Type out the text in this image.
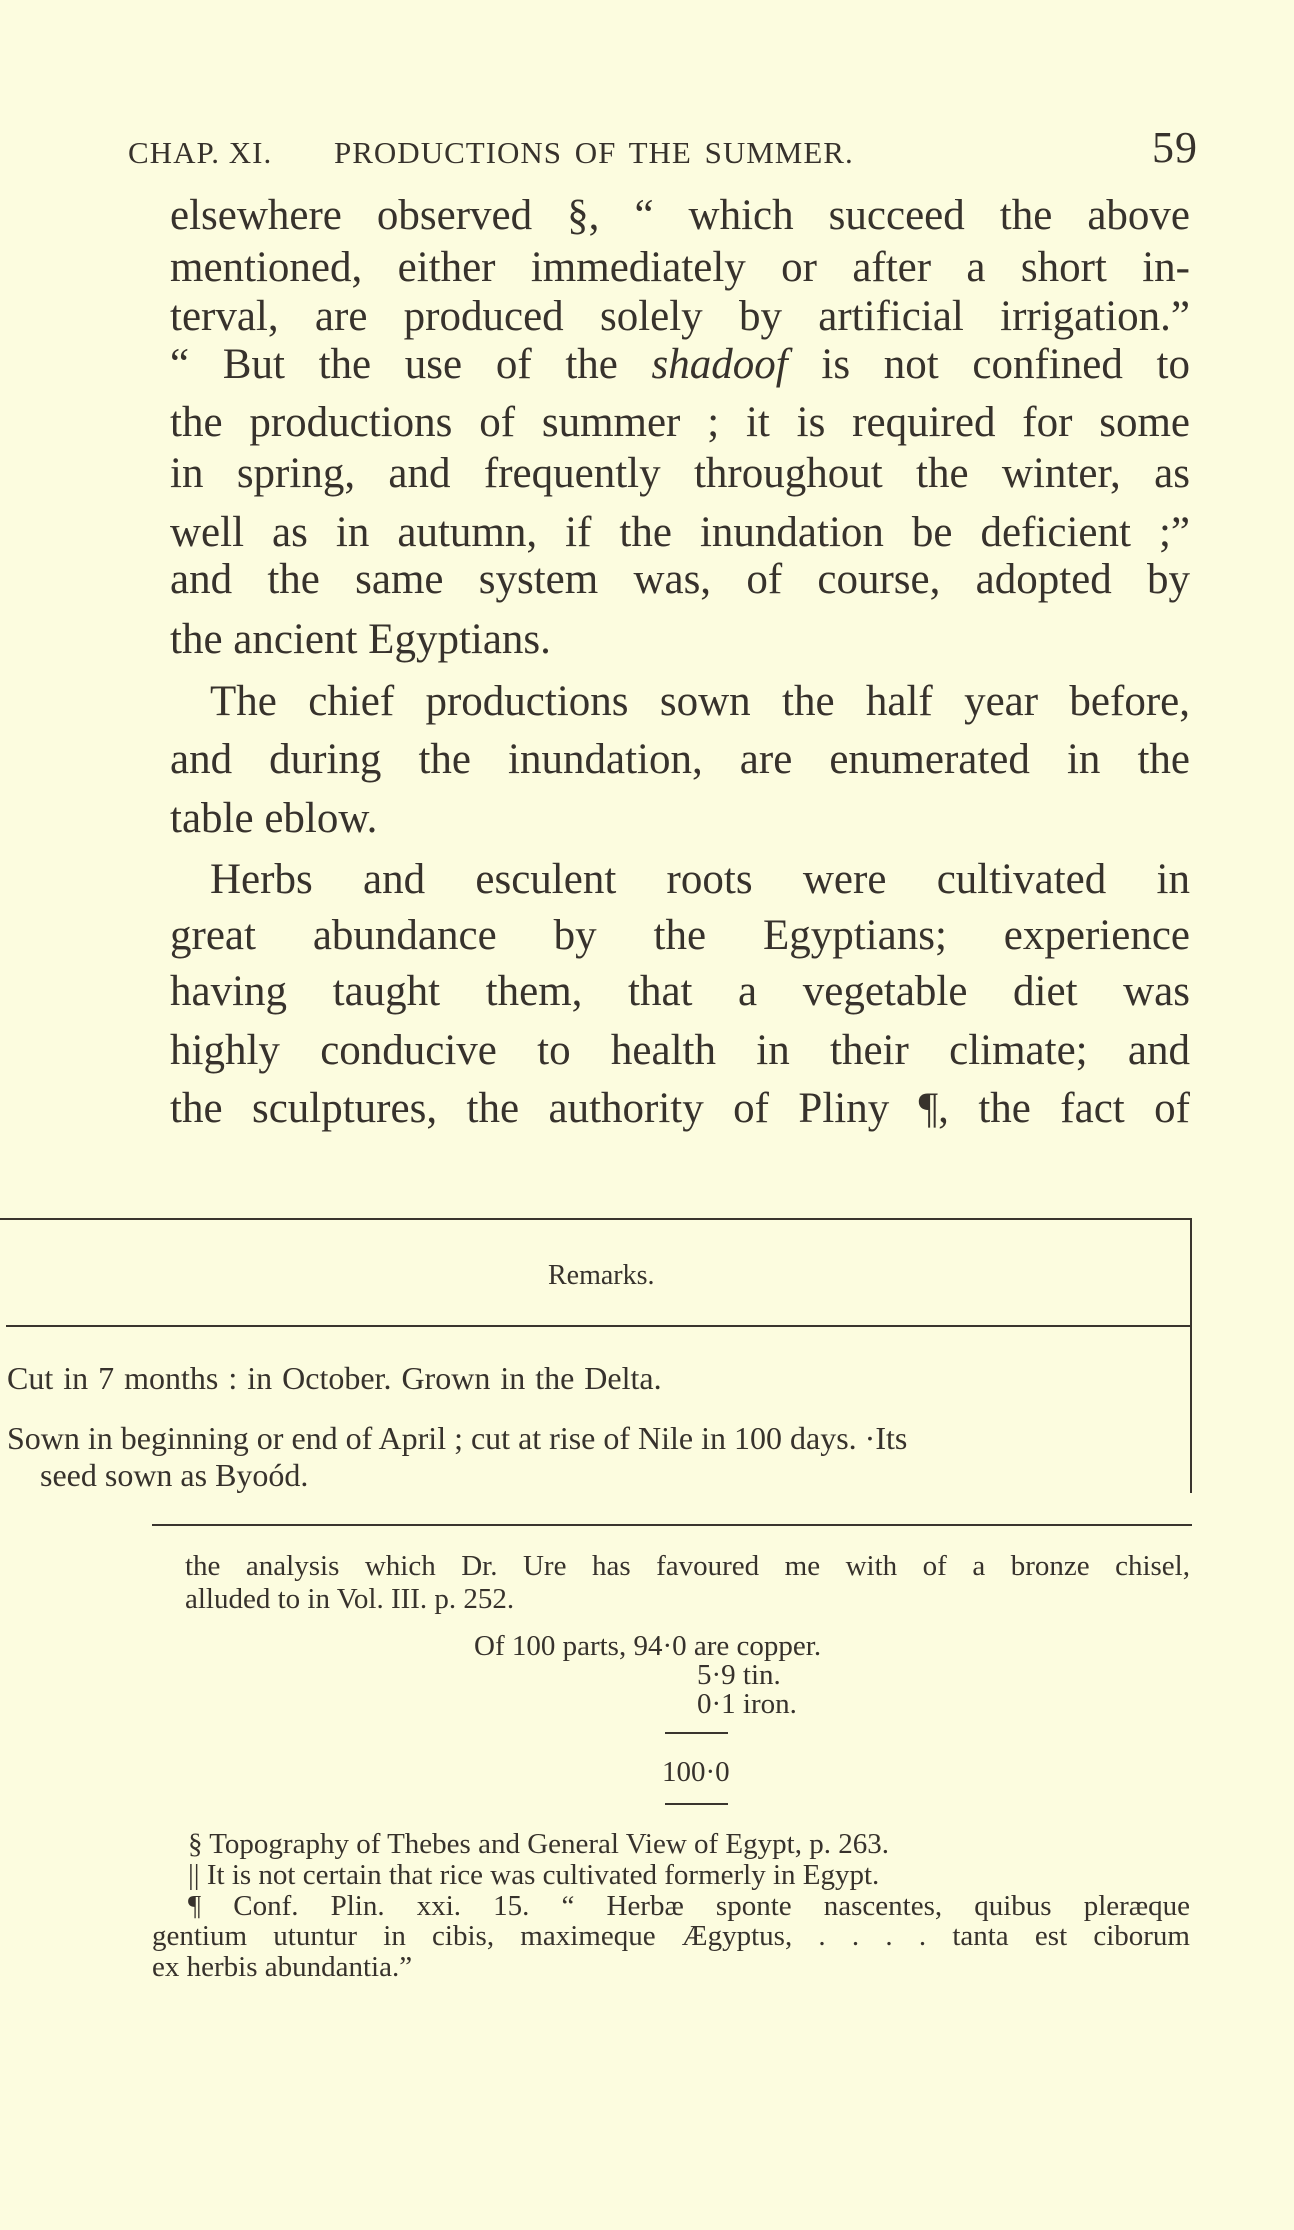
CHAP. XI. PRODUCTIONS OF THE SUMMER.	59
elsewhere observed §, “ which succeed the above
mentioned, either immediately or after a short in-
terval, are produced solely by artificial irrigation.”
“ But the use of the shadoof is not confined to
the productions of summer ; it is required for some
in spring, and frequently throughout the winter, as
well as in autumn, if the inundation be deficient ;”
and the same system was, of course, adopted by
the ancient Egyptians.
The chief productions sown the half year before,
and during the inundation, are enumerated in the
table eblow.
Herbs and esculent roots were cultivated in
great abundance by the Egyptians; experience
having taught them, that a vegetable diet was
highly conducive to health in their climate; and
the sculptures, the authority of Pliny ¶, the fact of
Remarks.
Cut in 7 months : in October. Grown in the Delta.
Sown in beginning or end of April ; cut at rise of Nile in 100 days. ·Its
seed sown as Byoód.
the analysis which Dr. Ure has favoured me with of a bronze chisel,
alluded to in Vol. III. p. 252.
Of 100 parts, 94·0 are copper.
5·9 tin.
0·1 iron.
100·0
§ Topography of Thebes and General View of Egypt, p. 263.
|| It is not certain that rice was cultivated formerly in Egypt.
¶ Conf. Plin. xxi. 15. “ Herbæ sponte nascentes, quibus pleræque
gentium utuntur in cibis, maximeque Ægyptus, . . . . tanta est ciborum
ex herbis abundantia.”
